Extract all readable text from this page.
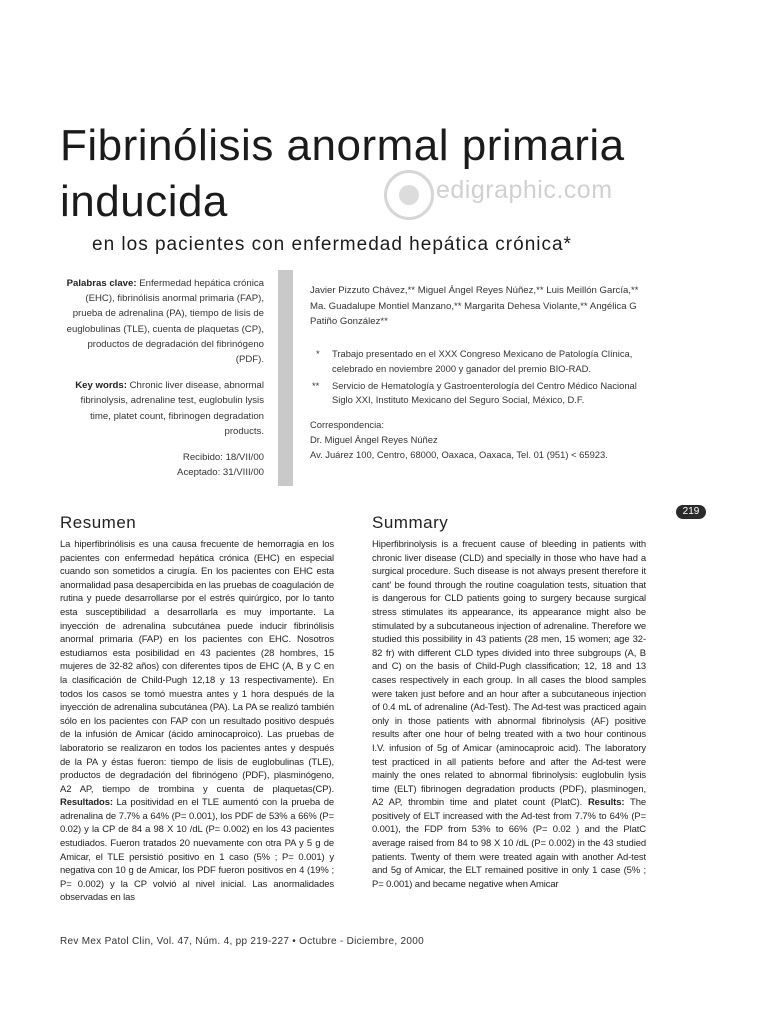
Fibrinólisis anormal primaria inducida	edigraphic.com
en los pacientes con enfermedad hepática crónica*

Palabras clave: Enfermedad hepática crónica (EHC), fibrinólisis anormal primaria (FAP), prueba de adrenalina (PA), tiempo de lisis de euglobulinas (TLE), cuenta de plaquetas (CP), productos de degradación del fibrinógeno (PDF).

Key words: Chronic liver disease, abnormal fibrinolysis, adrenaline test, euglobulin lysis time, platet count, fibrinogen degradation products.

Recibido: 18/VII/00
Aceptado: 31/VIII/00

Javier Pizzuto Chávez,** Miguel Ángel Reyes Núñez,** Luis Meillón García,** Ma. Guadalupe Montiel Manzano,** Margarita Dehesa Violante,** Angélica G Patiño González**
* Trabajo presentado en el XXX Congreso Mexicano de Patología Clínica, celebrado en noviembre 2000 y ganador del premio BIO-RAD.
** Servicio de Hematología y Gastroenterología del Centro Médico Nacional Siglo XXI, Instituto Mexicano del Seguro Social, México, D.F.
Correspondencia:
Dr. Miguel Ángel Reyes Núñez
Av. Juárez 100, Centro, 68000, Oaxaca, Oaxaca, Tel. 01 (951) < 65923.
Resumen	Summary
219
La hiperfibrinólisis es una causa frecuente de hemorragia en los pacientes con enfermedad hepática crónica (EHC) en especial cuando son sometidos a cirugía. En los pacientes con EHC esta anormalidad pasa desapercibida en las pruebas de coagulación de rutina y puede desarrollarse por el estrés quirúrgico, por lo tanto esta susceptibilidad a desarrollarla es muy importante. La inyección de adrenalina subcutánea puede inducir fibrinólisis anormal primaria (FAP) en los pacientes con EHC. Nosotros estudiamos esta posibilidad en 43 pacientes (28 hombres, 15 mujeres de 32-82 años) con diferentes tipos de EHC (A, B y C en la clasificación de Child-Pugh 12,18 y 13 respectivamente). En todos los casos se tomó muestra antes y 1 hora después de la inyección de adrenalina subcutánea (PA). La PA se realizó también sólo en los pacientes con FAP con un resultado positivo después de la infusión de Amicar (ácido aminocaproico). Las pruebas de laboratorio se realizaron en todos los pacientes antes y después de la PA y éstas fueron: tiempo de lisis de euglobulinas (TLE), productos de degradación del fibrinógeno (PDF), plasminógeno, A2 AP, tiempo de trombina y cuenta de plaquetas(CP). Resultados: La positividad en el TLE aumentó con la prueba de adrenalina de 7.7% a 64% (P= 0.001), los PDF de 53% a 66% (P= 0.02) y la CP de 84 a 98 X 10 /dL (P= 0.002) en los 43 pacientes estudiados. Fueron tratados 20 nuevamente con otra PA y 5 g de Amicar, el TLE persistió positivo en 1 caso (5% ; P= 0.001) y negativa con 10 g de Amicar, los PDF fueron positivos en 4 (19% ; P= 0.002) y la CP volvió al nivel inicial. Las anormalidades observadas en las
Hiperfibrinolysis is a frecuent cause of bleeding in patients with chronic liver disease (CLD) and specially in those who have had a surgical procedure. Such disease is not always present therefore it cant' be found through the routine coagulation tests, situation that is dangerous for CLD patients going to surgery because surgical stress stimulates its appearance, its appearance might also be stimulated by a subcutaneous injection of adrenaline. Therefore we studied this possibility in 43 patients (28 men, 15 women; age 32-82 fr) with different CLD types divided into three subgroups (A, B and C) on the basis of Child-Pugh classification; 12, 18 and 13 cases respectively in each group. In all cases the blood samples were taken just before and an hour after a subcutaneous injection of 0.4 mL of adrenaline (Ad-Test). The Ad-test was practiced again only in those patients with abnormal fibrinolysis (AF) positive results after one hour of belng treated with a two hour continous I.V. infusion of 5g of Amicar (aminocaproic acid). The laboratory test practiced in all patients before and after the Ad-test were mainly the ones related to abnormal fibrinolysis: euglobulin lysis time (ELT) fibrinogen degradation products (PDF), plasminogen, A2 AP, thrombin time and platet count (PlatC). Results: The positively of ELT increased with the Ad-test from 7.7% to 64% (P= 0.001), the FDP from 53% to 66% (P= 0.02 ) and the PlatC average raised from 84 to 98 X 10 /dL (P= 0.002) in the 43 studied patients. Twenty of them were treated again with another Ad-test and 5g of Amicar, the ELT remained positive in only 1 case (5% ; P= 0.001) and became negative when Amicar
Rev Mex Patol Clin, Vol. 47, Núm. 4, pp 219-227 • Octubre - Diciembre, 2000
